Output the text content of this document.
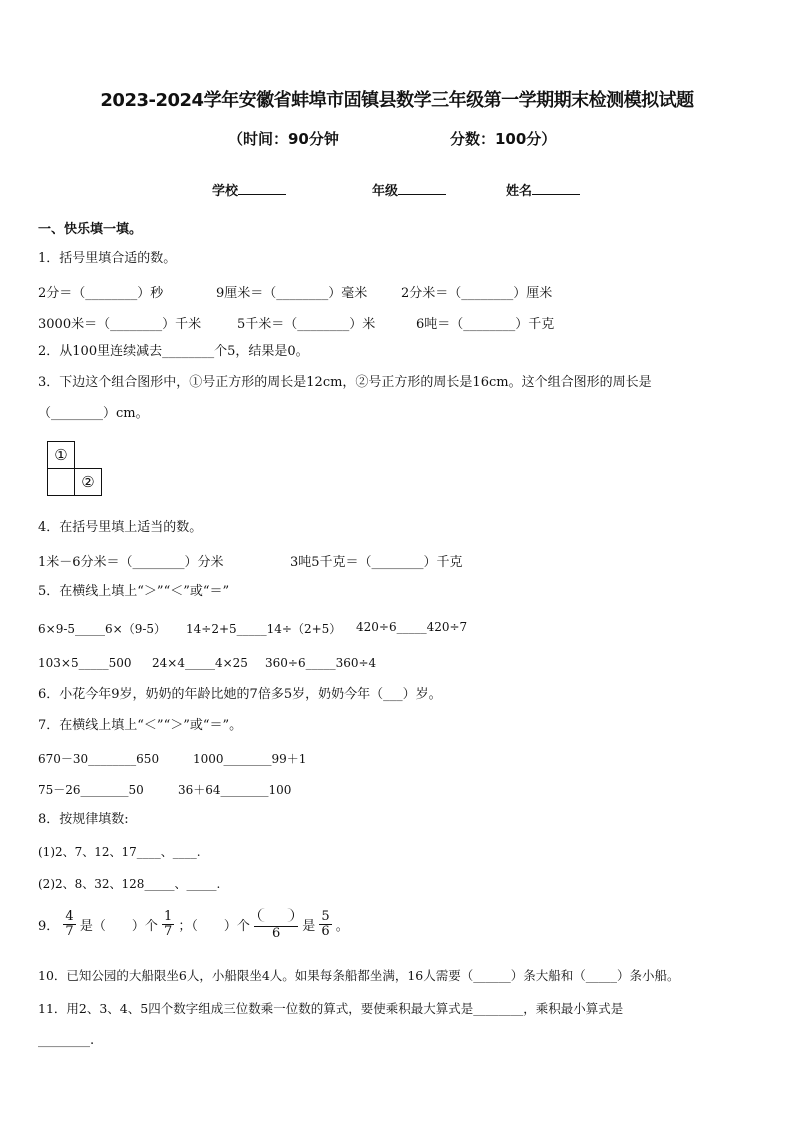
2023-2024学年安徽省蚌埠市固镇县数学三年级第一学期期末检测模拟试题
（时间：90分钟	分数：100分）
学校	年级	姓名
一、快乐填一填。
1．括号里填合适的数。
2分＝（________）秒	9厘米＝（________）毫米	2分米＝（________）厘米
3000米＝（________）千米	5千米＝（________）米	6吨＝（________）千克
2．从100里连续减去________个5，结果是0。
3．下边这个组合图形中，①号正方形的周长是12cm，②号正方形的周长是16cm。这个组合图形的周长是
（________）cm。
①
②
4．在括号里填上适当的数。
1米－6分米＝（________）分米	3吨5千克＝（________）千克
5．在横线上填上“＞”“＜”或“＝”
6×9-5_____6×（9-5） 14÷2+5_____14÷（2+5） 420÷6_____420÷7
103×5_____500 24×4_____4×25 360÷6_____360÷4
6．小花今年9岁，奶奶的年龄比她的7倍多5岁，奶奶今年（___）岁。
7．在横线上填上“＜”“＞”或“＝”。
670－30________650	1000________99＋1
75－26________50	36＋64________100
8．按规律填数:
(1)2、7、12、17____、____.
(2)2、8、32、128_____、_____.
9． $\frac{4}{7}$ 是（　　）个 $\frac{1}{7}$ ；（　　）个	6	是 $\frac{5}{6}$ 。
10．已知公园的大船限坐6人，小船限坐4人。如果每条船都坐满，16人需要（______）条大船和（_____）条小船。
11．用2、3、4、5四个数字组成三位数乘一位数的算式，要使乘积最大算式是________，乘积最小算式是
________.
